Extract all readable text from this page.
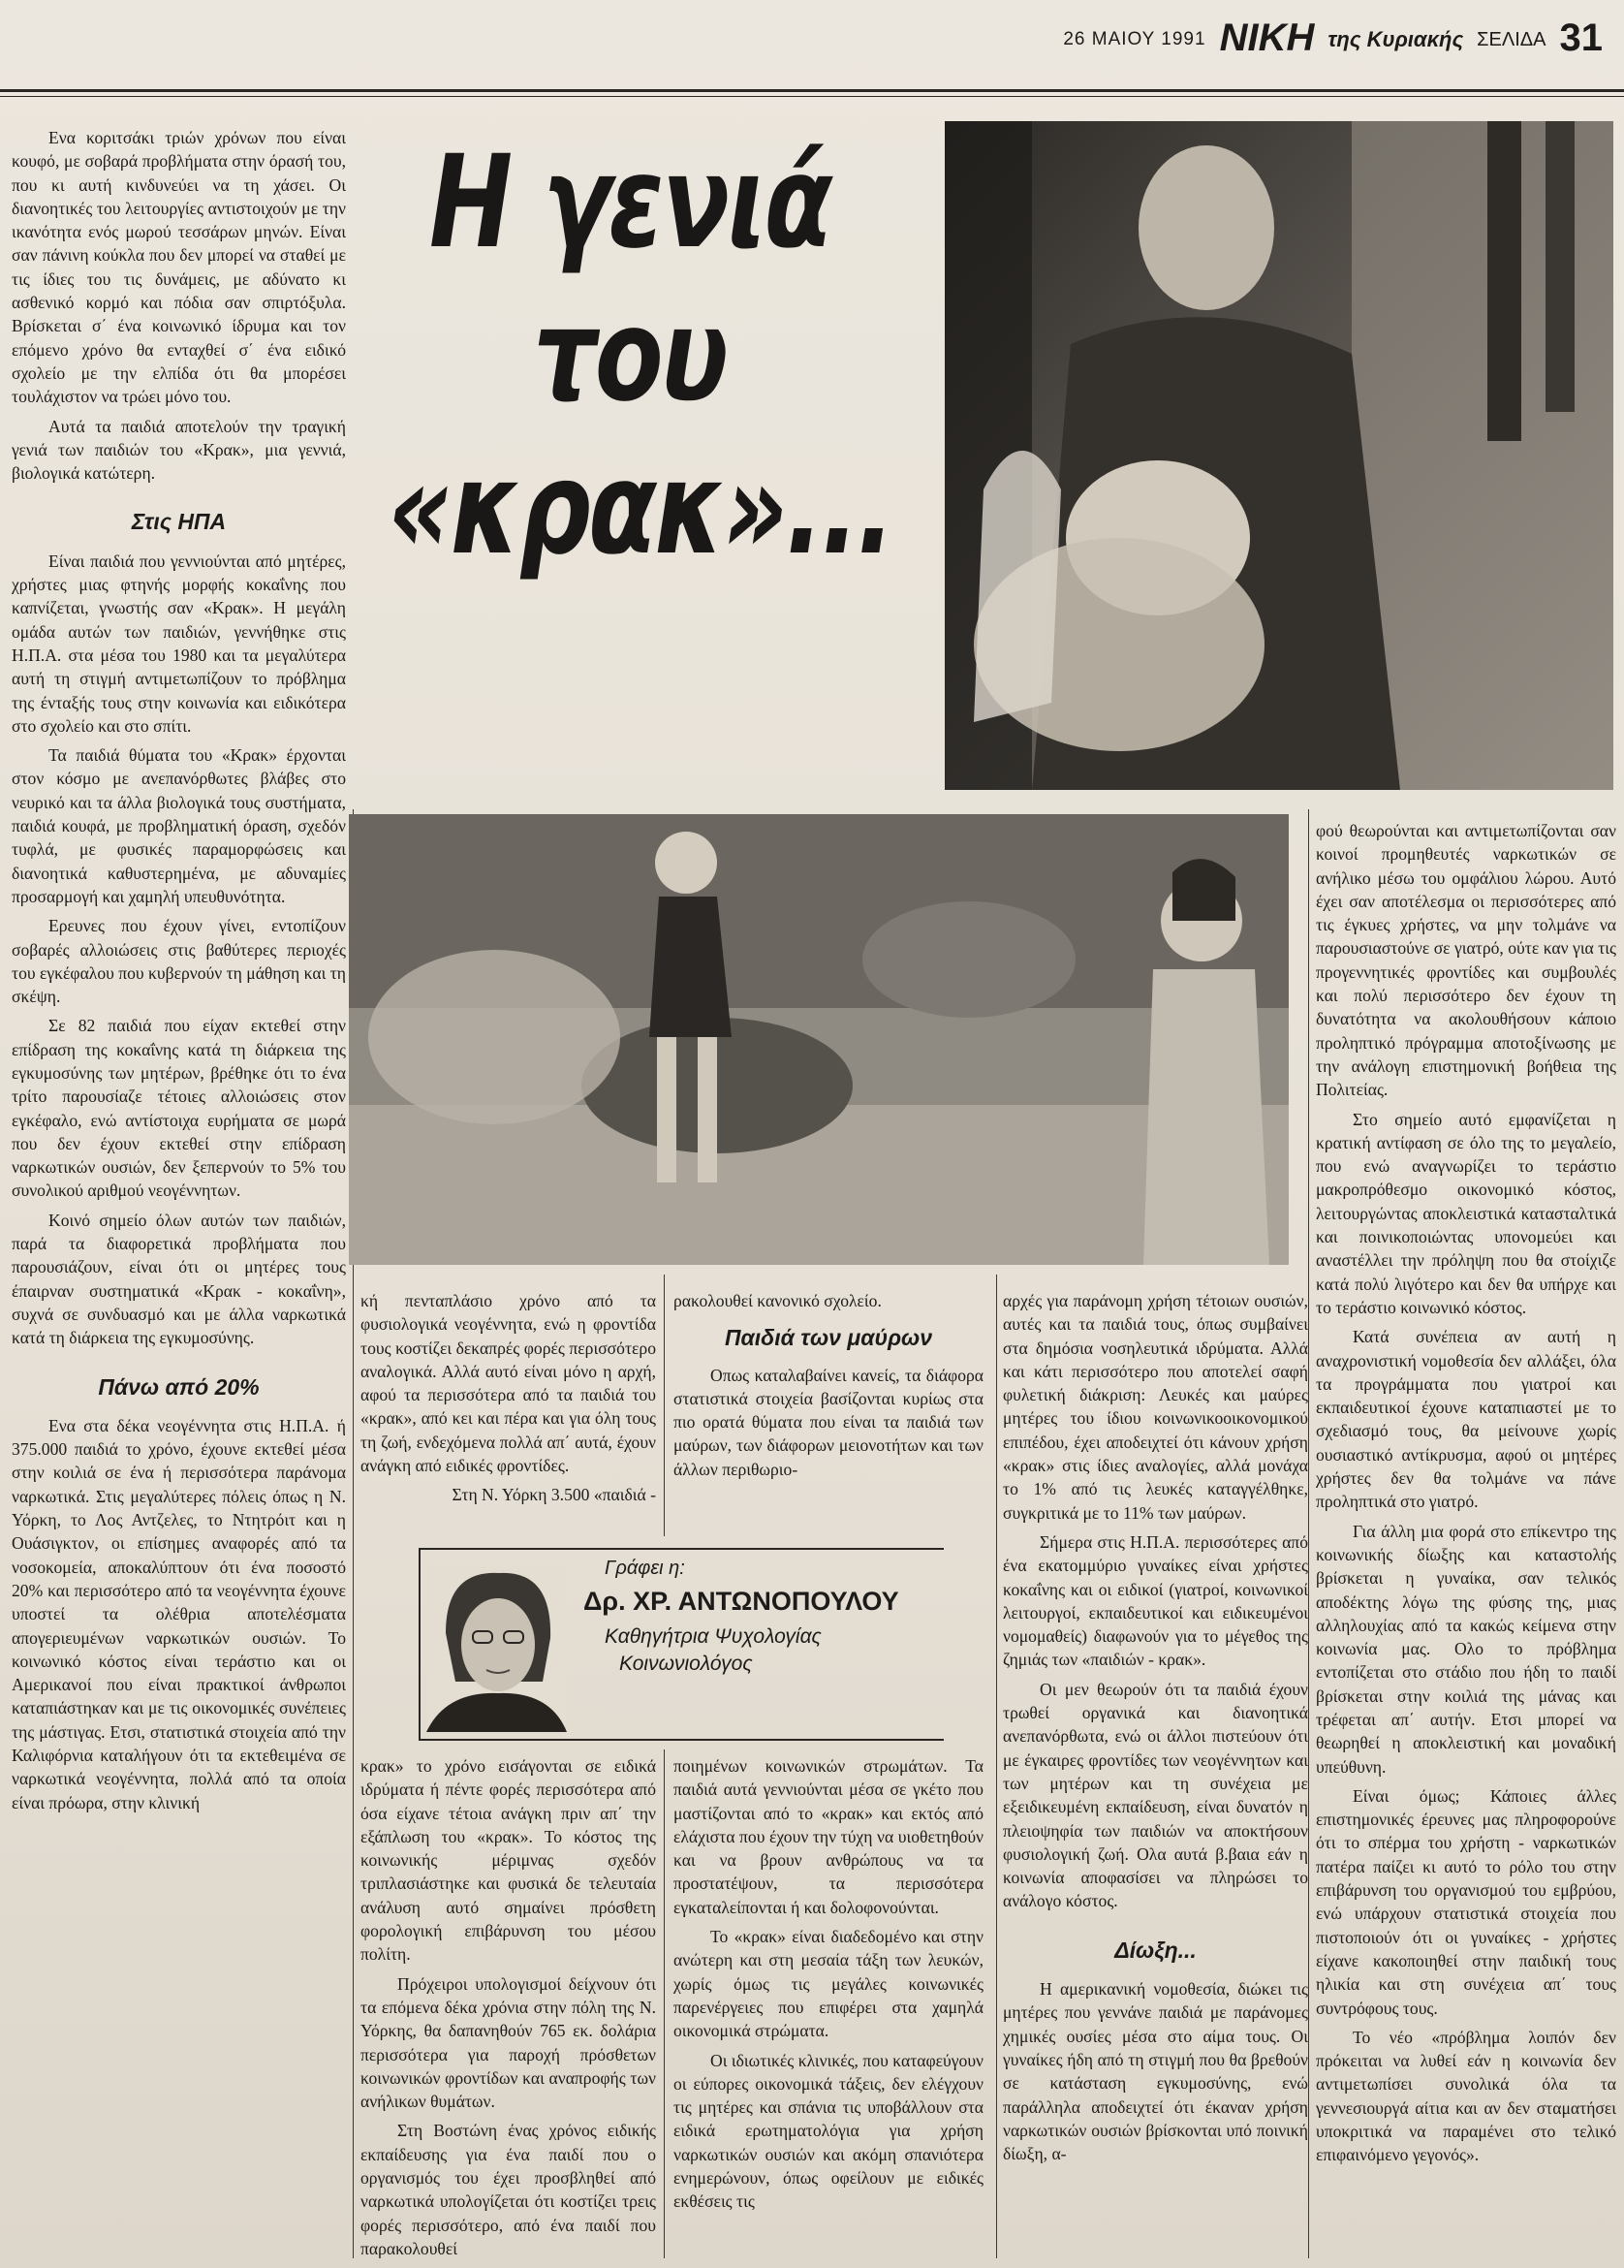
26 ΜΑΙΟΥ 1991 ΝΙΚΗ της Κυριακής ΣΕΛΙΔΑ 31

Ενα κοριτσάκι τριών χρόνων που είναι κουφό, με σοβαρά προβλήματα στην όρασή του, που κι αυτή κινδυνεύει να τη χάσει. Οι διανοητικές του λειτουργίες αντιστοιχούν με την ικανότητα ενός μωρού τεσσάρων μηνών. Είναι σαν πάνινη κούκλα που δεν μπορεί να σταθεί με τις ίδιες του τις δυνάμεις, με αδύνατο κι ασθενικό κορμό και πόδια σαν σπιρτόξυλα. Βρίσκεται σ΄ ένα κοινωνικό ίδρυμα και τον επόμενο χρόνο θα ενταχθεί σ΄ ένα ειδικό σχολείο με την ελπίδα ότι θα μπορέσει τουλάχιστον να τρώει μόνο του.

Αυτά τα παιδιά αποτελούν την τραγική γενιά των παιδιών του «Κρακ», μια γεννιά, βιολογικά κατώτερη.

Στις ΗΠΑ

Είναι παιδιά που γεννιούνται από μητέρες, χρήστες μιας φτηνής μορφής κοκαΐνης που καπνίζεται, γνωστής σαν «Κρακ». Η μεγάλη ομάδα αυτών των παιδιών, γεννήθηκε στις Η.Π.Α. στα μέσα του 1980 και τα μεγαλύτερα αυτή τη στιγμή αντιμετωπίζουν το πρόβλημα της ένταξής τους στην κοινωνία και ειδικότερα στο σχολείο και στο σπίτι.

Τα παιδιά θύματα του «Κρακ» έρχονται στον κόσμο με ανεπανόρθωτες βλάβες στο νευρικό και τα άλλα βιολογικά τους συστήματα, παιδιά κουφά, με προβληματική όραση, σχεδόν τυφλά, με φυσικές παραμορφώσεις και διανοητικά καθυστερημένα, με αδυναμίες προσαρμογή και χαμηλή υπευθυνότητα.

Ερευνες που έχουν γίνει, εντοπίζουν σοβαρές αλλοιώσεις στις βαθύτερες περιοχές του εγκέφαλου που κυβερνούν τη μάθηση και τη σκέψη.

Σε 82 παιδιά που είχαν εκτεθεί στην επίδραση της κοκαΐνης κατά τη διάρκεια της εγκυμοσύνης των μητέρων, βρέθηκε ότι το ένα τρίτο παρουσίαζε τέτοιες αλλοιώσεις στον εγκέφαλο, ενώ αντίστοιχα ευρήματα σε μωρά που δεν έχουν εκτεθεί στην επίδραση ναρκωτικών ουσιών, δεν ξεπερνούν το 5% του συνολικού αριθμού νεογέννητων.

Κοινό σημείο όλων αυτών των παιδιών, παρά τα διαφορετικά προβλήματα που παρουσιάζουν, είναι ότι οι μητέρες τους έπαιρναν συστηματικά «Κρακ - κοκαΐνη», συχνά σε συνδυασμό και με άλλα ναρκωτικά κατά τη διάρκεια της εγκυμοσύνης.

Πάνω από 20%

Ενα στα δέκα νεογέννητα στις Η.Π.Α. ή 375.000 παιδιά το χρόνο, έχουνε εκτεθεί μέσα στην κοιλιά σε ένα ή περισσότερα παράνομα ναρκωτικά. Στις μεγαλύτερες πόλεις όπως η Ν. Υόρκη, το Λος Αντζελες, το Ντητρόιτ και η Ουάσιγκτον, οι επίσημες αναφορές από τα νοσοκομεία, αποκαλύπτουν ότι ένα ποσοστό 20% και περισσότερο από τα νεογέννητα έχουνε υποστεί τα ολέθρια αποτελέσματα απογεριευμένων ναρκωτικών ουσιών. Το κοινωνικό κόστος είναι τεράστιο και οι Αμερικανοί που είναι πρακτικοί άνθρωποι καταπιάστηκαν και με τις οικονομικές συνέπειες της μάστιγας. Ετσι, στατιστικά στοιχεία από την Καλιφόρνια καταλήγουν ότι τα εκτεθειμένα σε ναρκωτικά νεογέννητα, πολλά από τα οποία είναι πρόωρα, στην κλινική

Η γενιά
του
«κρακ»...

κή πενταπλάσιο χρόνο από τα φυσιολογικά νεογέννητα, ενώ η φροντίδα τους κοστίζει δεκαπρές φορές περισσότερο αναλογικά. Αλλά αυτό είναι μόνο η αρχή, αφού τα περισσότερα από τα παιδιά του «κρακ», από κει και πέρα και για όλη τους τη ζωή, ενδεχόμενα πολλά απ΄ αυτά, έχουν ανάγκη από ειδικές φροντίδες.

Στη Ν. Υόρκη 3.500 «παιδιά -

ρακολουθεί κανονικό σχολείο.

Παιδιά των μαύρων

Οπως καταλαβαίνει κανείς, τα διάφορα στατιστικά στοιχεία βασίζονται κυρίως στα πιο ορατά θύματα που είναι τα παιδιά των μαύρων, των διάφορων μειονοτήτων και των άλλων περιθωριο-

Γράφει η:
Δρ. ΧΡ. ΑΝΤΩΝΟΠΟΥΛΟΥ
Καθηγήτρια Ψυχολογίας
Κοινωνιολόγος

κρακ» το χρόνο εισάγονται σε ειδικά ιδρύματα ή πέντε φορές περισσότερα από όσα είχανε τέτοια ανάγκη πριν απ΄ την εξάπλωση του «κρακ». Το κόστος της κοινωνικής μέριμνας σχεδόν τριπλασιάστηκε και φυσικά δε τελευταία ανάλυση αυτό σημαίνει πρόσθετη φορολογική επιβάρυνση του μέσου πολίτη.

Πρόχειροι υπολογισμοί δείχνουν ότι τα επόμενα δέκα χρόνια στην πόλη της Ν. Υόρκης, θα δαπανηθούν 765 εκ. δολάρια περισσότερα για παροχή πρόσθετων κοινωνικών φροντίδων και αναπροφής των ανήλικων θυμάτων.

Στη Βοστώνη ένας χρόνος ειδικής εκπαίδευσης για ένα παιδί που ο οργανισμός του έχει προσβληθεί από ναρκωτικά υπολογίζεται ότι κοστίζει τρεις φορές περισσότερο, από ένα παιδί που παρακολουθεί

ποιημένων κοινωνικών στρωμάτων. Τα παιδιά αυτά γεννιούνται μέσα σε γκέτο που μαστίζονται από το «κρακ» και εκτός από ελάχιστα που έχουν την τύχη να υιοθετηθούν και να βρουν ανθρώπους να τα προστατέψουν, τα περισσότερα εγκαταλείπονται ή και δολοφονούνται.

Το «κρακ» είναι διαδεδομένο και στην ανώτερη και στη μεσαία τάξη των λευκών, χωρίς όμως τις μεγάλες κοινωνικές παρενέργειες που επιφέρει στα χαμηλά οικονομικά στρώματα.

Οι ιδιωτικές κλινικές, που καταφεύγουν οι εύπορες οικονομικά τάξεις, δεν ελέγχουν τις μητέρες και σπάνια τις υποβάλλουν στα ειδικά ερωτηματολόγια για χρήση ναρκωτικών ουσιών και ακόμη σπανιότερα ενημερώνουν, όπως οφείλουν με ειδικές εκθέσεις τις

αρχές για παράνομη χρήση τέτοιων ουσιών, αυτές και τα παιδιά τους, όπως συμβαίνει στα δημόσια νοσηλευτικά ιδρύματα. Αλλά και κάτι περισσότερο που αποτελεί σαφή φυλετική διάκριση: Λευκές και μαύρες μητέρες του ίδιου κοινωνικοοικονομικού επιπέδου, έχει αποδειχτεί ότι κάνουν χρήση «κρακ» στις ίδιες αναλογίες, αλλά μονάχα το 1% από τις λευκές καταγγέλθηκε, συγκριτικά με το 11% των μαύρων.

Σήμερα στις Η.Π.Α. περισσότερες από ένα εκατομμύριο γυναίκες είναι χρήστες κοκαΐνης και οι ειδικοί (γιατροί, κοινωνικοί λειτουργοί, εκπαιδευτικοί και ειδικευμένοι νομομαθείς) διαφωνούν για το μέγεθος της ζημιάς των «παιδιών - κρακ».

Οι μεν θεωρούν ότι τα παιδιά έχουν τρωθεί οργανικά και διανοητικά ανεπανόρθωτα, ενώ οι άλλοι πιστεύουν ότι με έγκαιρες φροντίδες των νεογέννητων και των μητέρων και τη συνέχεια με εξειδικευμένη εκπαίδευση, είναι δυνατόν η πλειοψηφία των παιδιών να αποκτήσουν φυσιολογική ζωή. Ολα αυτά β.βαια εάν η κοινωνία αποφασίσει να πληρώσει το ανάλογο κόστος.

Δίωξη...

Η αμερικανική νομοθεσία, διώκει τις μητέρες που γεννάνε παιδιά με παράνομες χημικές ουσίες μέσα στο αίμα τους. Οι γυναίκες ήδη από τη στιγμή που θα βρεθούν σε κατάσταση εγκυμοσύνης, ενώ παράλληλα αποδειχτεί ότι έκαναν χρήση ναρκωτικών ουσιών βρίσκονται υπό ποινική δίωξη, α-

φού θεωρούνται και αντιμετωπίζονται σαν κοινοί προμηθευτές ναρκωτικών σε ανήλικο μέσω του ομφάλιου λώρου. Αυτό έχει σαν αποτέλεσμα οι περισσότερες από τις έγκυες χρήστες, να μην τολμάνε να παρουσιαστούνε σε γιατρό, ούτε καν για τις προγεννητικές φροντίδες και συμβουλές και πολύ περισσότερο δεν έχουν τη δυνατότητα να ακολουθήσουν κάποιο προληπτικό πρόγραμμα αποτοξίνωσης με την ανάλογη επιστημονική βοήθεια της Πολιτείας.

Στο σημείο αυτό εμφανίζεται η κρατική αντίφαση σε όλο της το μεγαλείο, που ενώ αναγνωρίζει το τεράστιο μακροπρόθεσμο οικονομικό κόστος, λειτουργώντας αποκλειστικά κατασταλτικά και ποινικοποιώντας υπονομεύει και αναστέλλει την πρόληψη που θα στοίχιζε κατά πολύ λιγότερο και δεν θα υπήρχε και το τεράστιο κοινωνικό κόστος.

Κατά συνέπεια αν αυτή η αναχρονιστική νομοθεσία δεν αλλάξει, όλα τα προγράμματα που γιατροί και εκπαιδευτικοί έχουνε καταπιαστεί με το σχεδιασμό τους, θα μείνουνε χωρίς ουσιαστικό αντίκρυσμα, αφού οι μητέρες χρήστες δεν θα τολμάνε να πάνε προληπτικά στο γιατρό.

Για άλλη μια φορά στο επίκεντρο της κοινωνικής δίωξης και καταστολής βρίσκεται η γυναίκα, σαν τελικός αποδέκτης λόγω της φύσης της, μιας αλληλουχίας από τα κακώς κείμενα στην κοινωνία μας. Ολο το πρόβλημα εντοπίζεται στο στάδιο που ήδη το παιδί βρίσκεται στην κοιλιά της μάνας και τρέφεται απ΄ αυτήν. Ετσι μπορεί να θεωρηθεί η αποκλειστική και μοναδική υπεύθυνη.

Είναι όμως; Κάποιες άλλες επιστημονικές έρευνες μας πληροφορούνε ότι το σπέρμα του χρήστη - ναρκωτικών πατέρα παίζει κι αυτό το ρόλο του στην επιβάρυνση του οργανισμού του εμβρύου, ενώ υπάρχουν στατιστικά στοιχεία που πιστοποιούν ότι οι γυναίκες - χρήστες είχανε κακοποιηθεί στην παιδική τους ηλικία και στη συνέχεια απ΄ τους συντρόφους τους.

Το νέο «πρόβλημα λοιπόν δεν πρόκειται να λυθεί εάν η κοινωνία δεν αντιμετωπίσει συνολικά όλα τα γεννεσιουργά αίτια και αν δεν σταματήσει υποκριτικά να παραμένει στο τελικό επιφαινόμενο γεγονός».
